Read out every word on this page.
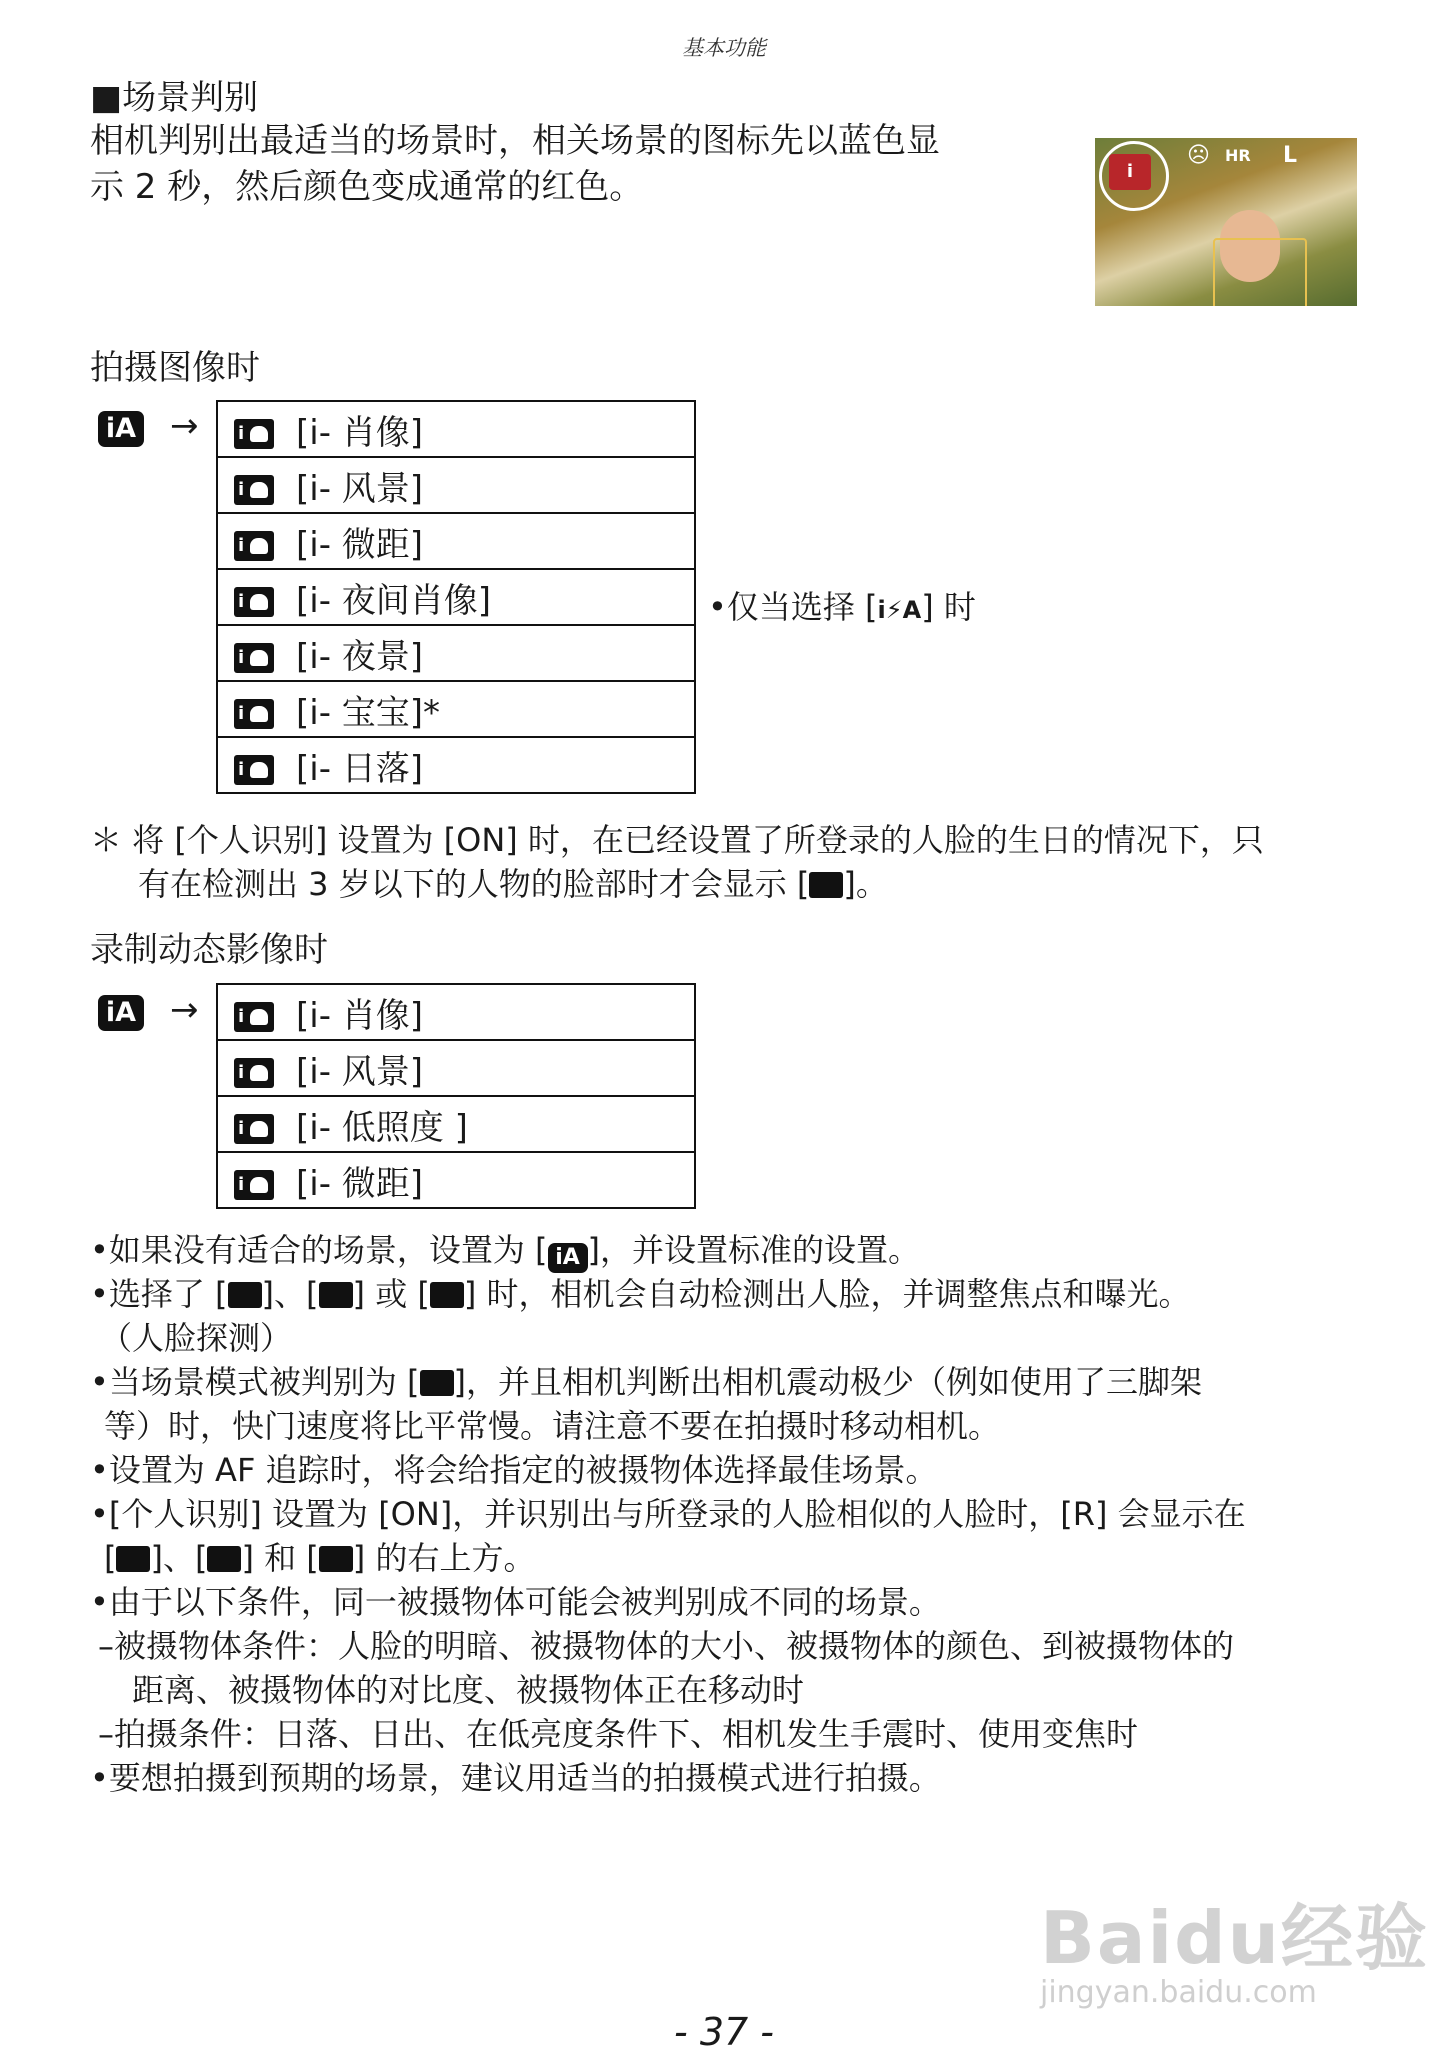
基本功能
■场景判别
相机判别出最适当的场景时，相关场景的图标先以蓝色显
示 2 秒，然后颜色变成通常的红色。	i
☹ HR L
拍摄图像时
iA → i	[i- 肖像]
i[i- 风景]
i[i- 微距]
i[i- 夜间肖像]
i[i- 夜景]
i[i- 宝宝]*
i[i- 日落]
•仅当选择 [i⚡A] 时
＊ 将 [个人识别] 设置为 [ON] 时，在已经设置了所登录的人脸的生日的情况下，只
有在检测出 3 岁以下的人物的脸部时才会显示 [ ]。
录制动态影像时
iA → i	[i- 肖像]
i[i- 风景]
i[i- 低照度 ]
i[i- 微距]
•如果没有适合的场景，设置为 [ iA ]，并设置标准的设置。
•选择了 [ ]、[ ] 或 [ ] 时，相机会自动检测出人脸，并调整焦点和曝光。
（人脸探测）
•当场景模式被判别为 [ ]，并且相机判断出相机震动极少（例如使用了三脚架
等）时，快门速度将比平常慢。请注意不要在拍摄时移动相机。
•设置为 AF 追踪时，将会给指定的被摄物体选择最佳场景。
•[个人识别] 设置为 [ON]，并识别出与所登录的人脸相似的人脸时，[R] 会显示在
[ ]、[ ] 和 [ ] 的右上方。
•由于以下条件，同一被摄物体可能会被判别成不同的场景。
–被摄物体条件：人脸的明暗、被摄物体的大小、被摄物体的颜色、到被摄物体的
距离、被摄物体的对比度、被摄物体正在移动时
–拍摄条件：日落、日出、在低亮度条件下、相机发生手震时、使用变焦时
•要想拍摄到预期的场景，建议用适当的拍摄模式进行拍摄。
Baidu经验
jingyan.baidu.com
- 37 -
